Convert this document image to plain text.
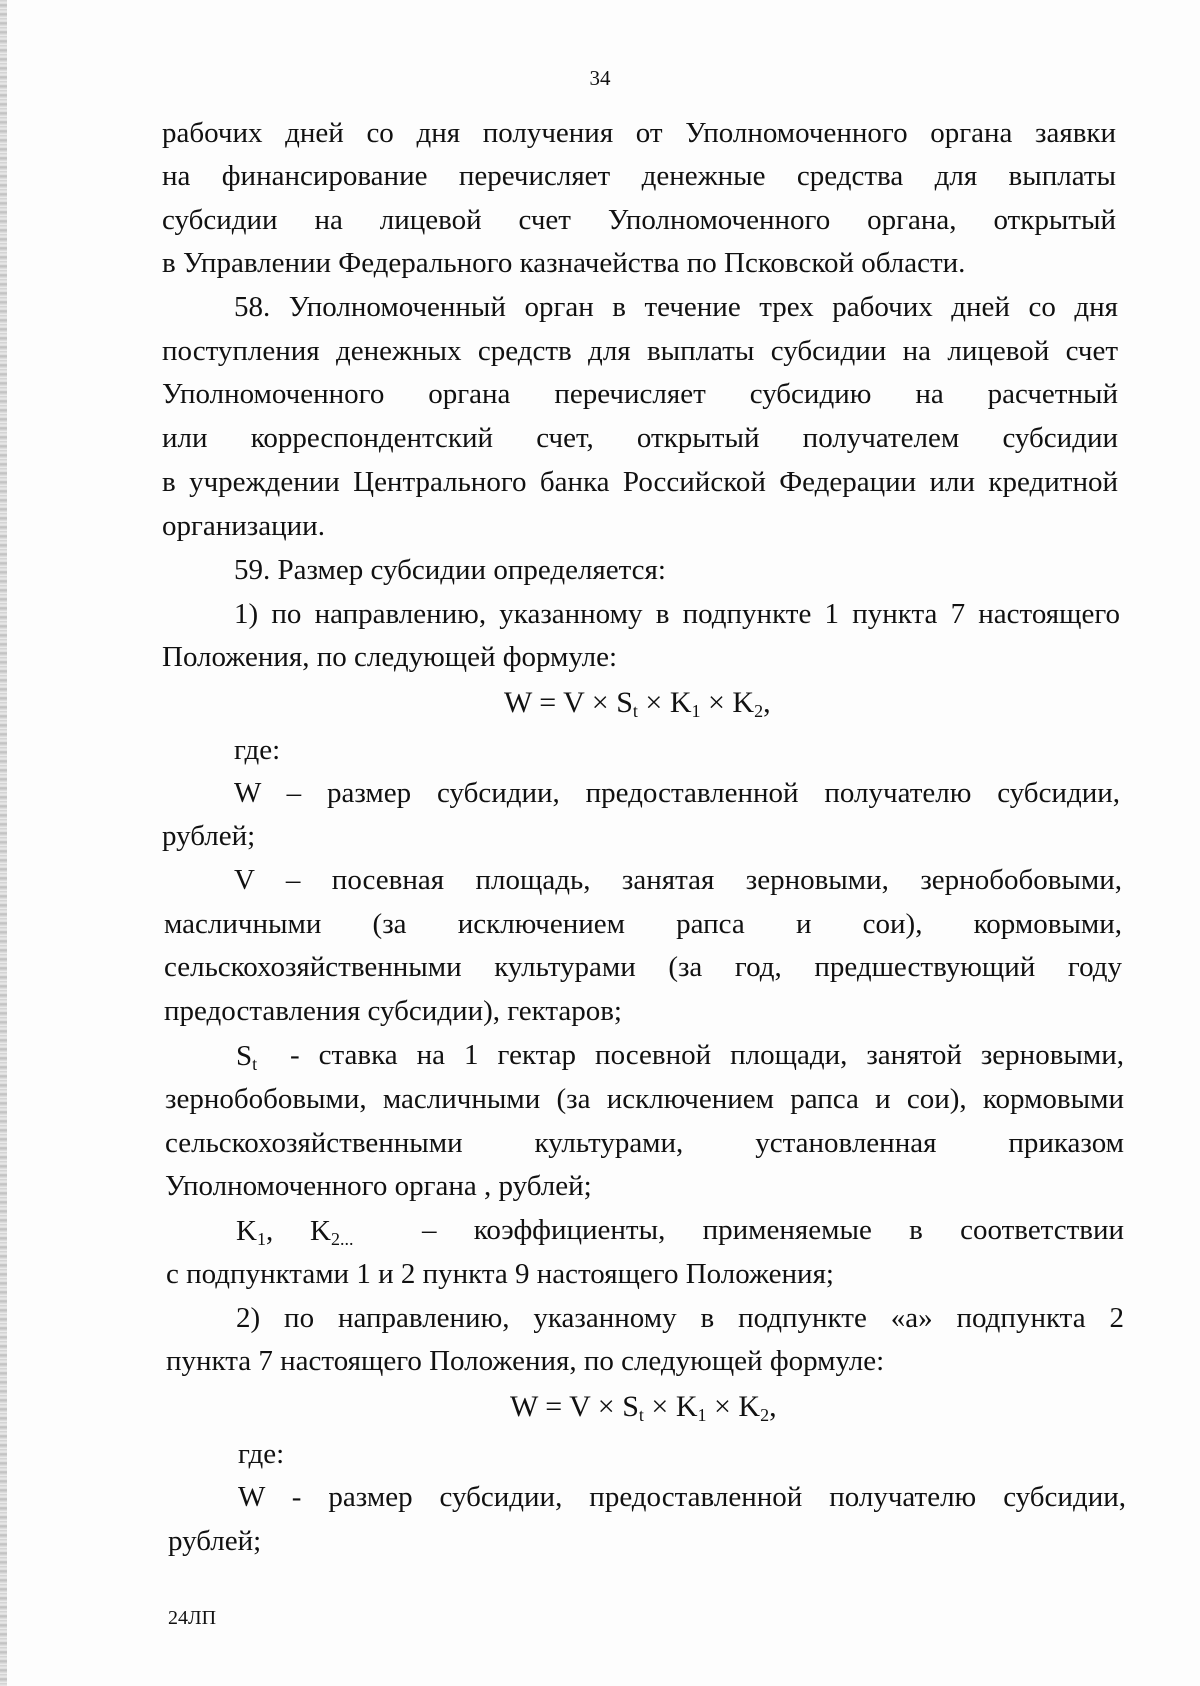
34

рабочих дней со дня получения от Уполномоченного органа заявки

на финансирование перечисляет денежные средства для выплаты

субсидии на лицевой счет Уполномоченного органа, открытый

в Управлении Федерального казначейства по Псковской области.

58. Уполномоченный орган в течение трех рабочих дней со дня

поступления денежных средств для выплаты субсидии на лицевой счет

Уполномоченного органа перечисляет субсидию на расчетный

или корреспондентский счет, открытый получателем субсидии

в учреждении Центрального банка Российской Федерации или кредитной

организации.

59. Размер субсидии определяется:

1) по направлению, указанному в подпункте 1 пункта 7 настоящего

Положения, по следующей формуле:

$W = V \times S_t \times K_1 \times K_2$,

где:

W – размер субсидии, предоставленной получателю субсидии,

рублей;

V – посевная площадь, занятая зерновыми, зернобобовыми,

масличными (за исключением рапса и сои), кормовыми,

сельскохозяйственными культурами (за год, предшествующий году

предоставления субсидии), гектаров;

$S_t$ - ставка на 1 гектар посевной площади, занятой зерновыми,

зернобобовыми, масличными (за исключением рапса и сои), кормовыми

сельскохозяйственными культурами, установленная приказом

Уполномоченного органа , рублей;

$K_1$, $K_{2...}$ – коэффициенты, применяемые в соответствии

с подпунктами 1 и 2 пункта 9 настоящего Положения;

2) по направлению, указанному в подпункте «а» подпункта 2

пункта 7 настоящего Положения, по следующей формуле:

$W = V \times S_t \times K_1 \times K_2$,

где:

W - размер субсидии, предоставленной получателю субсидии,

рублей;

24ЛП
